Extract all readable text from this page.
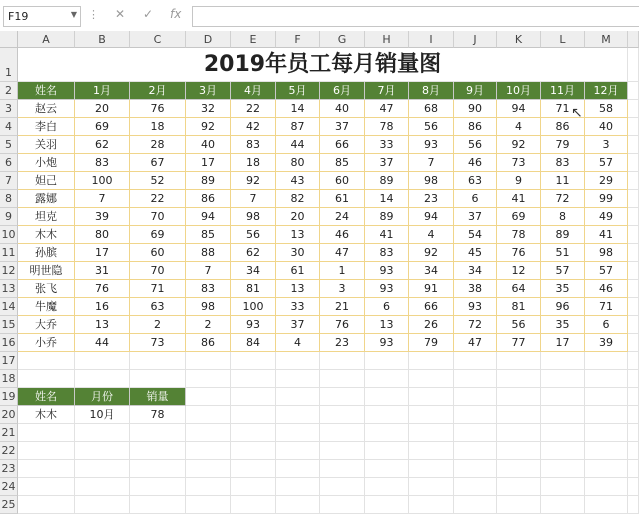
F19	▼ ⋮ ✕ ✓ fx
A	B	C	D	E	F	G	H	I	J	K	L	M
1
2
3
4
5
6
7
8
9
10
11
12
13
14
15
16
17
18
19
20
21
22
23
24
25
2019年员工每月销量图
姓名	1月	2月	3月	4月	5月	6月	7月	8月	9月	10月	11月	12月
赵云	20	76	32	22	14	40	47	68	90	94	71	58
李白	69	18	92	42	87	37	78	56	86	4	86	40
关羽	62	28	40	83	44	66	33	93	56	92	79	3
小炮	83	67	17	18	80	85	37	7	46	73	83	57
妲己	100	52	89	92	43	60	89	98	63	9	11	29
露娜	7	22	86	7	82	61	14	23	6	41	72	99
坦克	39	70	94	98	20	24	89	94	37	69	8	49
木木	80	69	85	56	13	46	41	4	54	78	89	41
孙膑	17	60	88	62	30	47	83	92	45	76	51	98
明世隐	31	70	7	34	61	1	93	34	34	12	57	57
张飞	76	71	83	81	13	3	93	91	38	64	35	46
牛魔	16	63	98	100	33	21	6	66	93	81	96	71
大乔	13	2	2	93	37	76	13	26	72	56	35	6
小乔	44	73	86	84	4	23	93	79	47	77	17	39
姓名	月份	销量
木木	10月	78
↖
